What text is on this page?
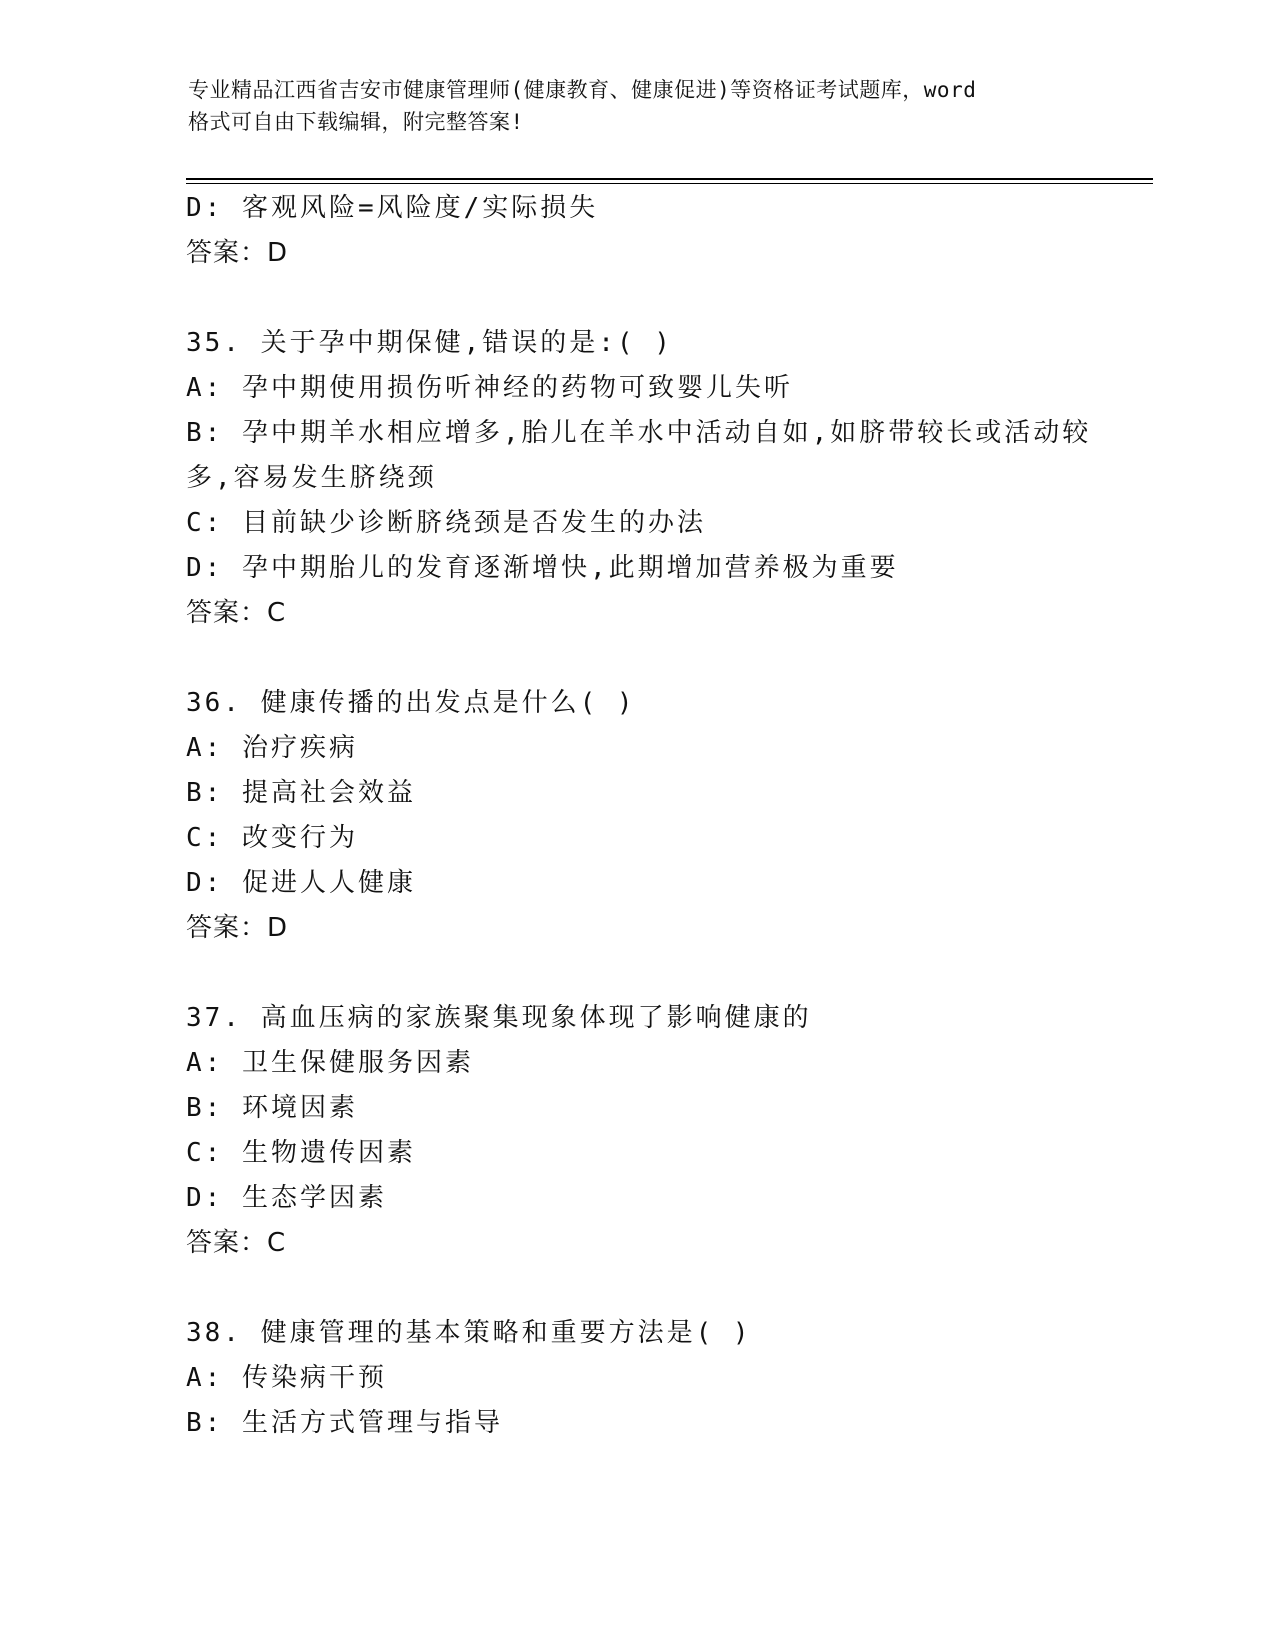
专业精品江西省吉安市健康管理师(健康教育、健康促进)等资格证考试题库，word
格式可自由下载编辑，附完整答案!
D: 客观风险=风险度/实际损失
答案：D
35. 关于孕中期保健,错误的是:( )
A: 孕中期使用损伤听神经的药物可致婴儿失听
B: 孕中期羊水相应增多,胎儿在羊水中活动自如,如脐带较长或活动较
多,容易发生脐绕颈
C: 目前缺少诊断脐绕颈是否发生的办法
D: 孕中期胎儿的发育逐渐增快,此期增加营养极为重要
答案：C
36. 健康传播的出发点是什么( )
A: 治疗疾病
B: 提高社会效益
C: 改变行为
D: 促进人人健康
答案：D
37. 高血压病的家族聚集现象体现了影响健康的
A: 卫生保健服务因素
B: 环境因素
C: 生物遗传因素
D: 生态学因素
答案：C
38. 健康管理的基本策略和重要方法是( )
A: 传染病干预
B: 生活方式管理与指导
